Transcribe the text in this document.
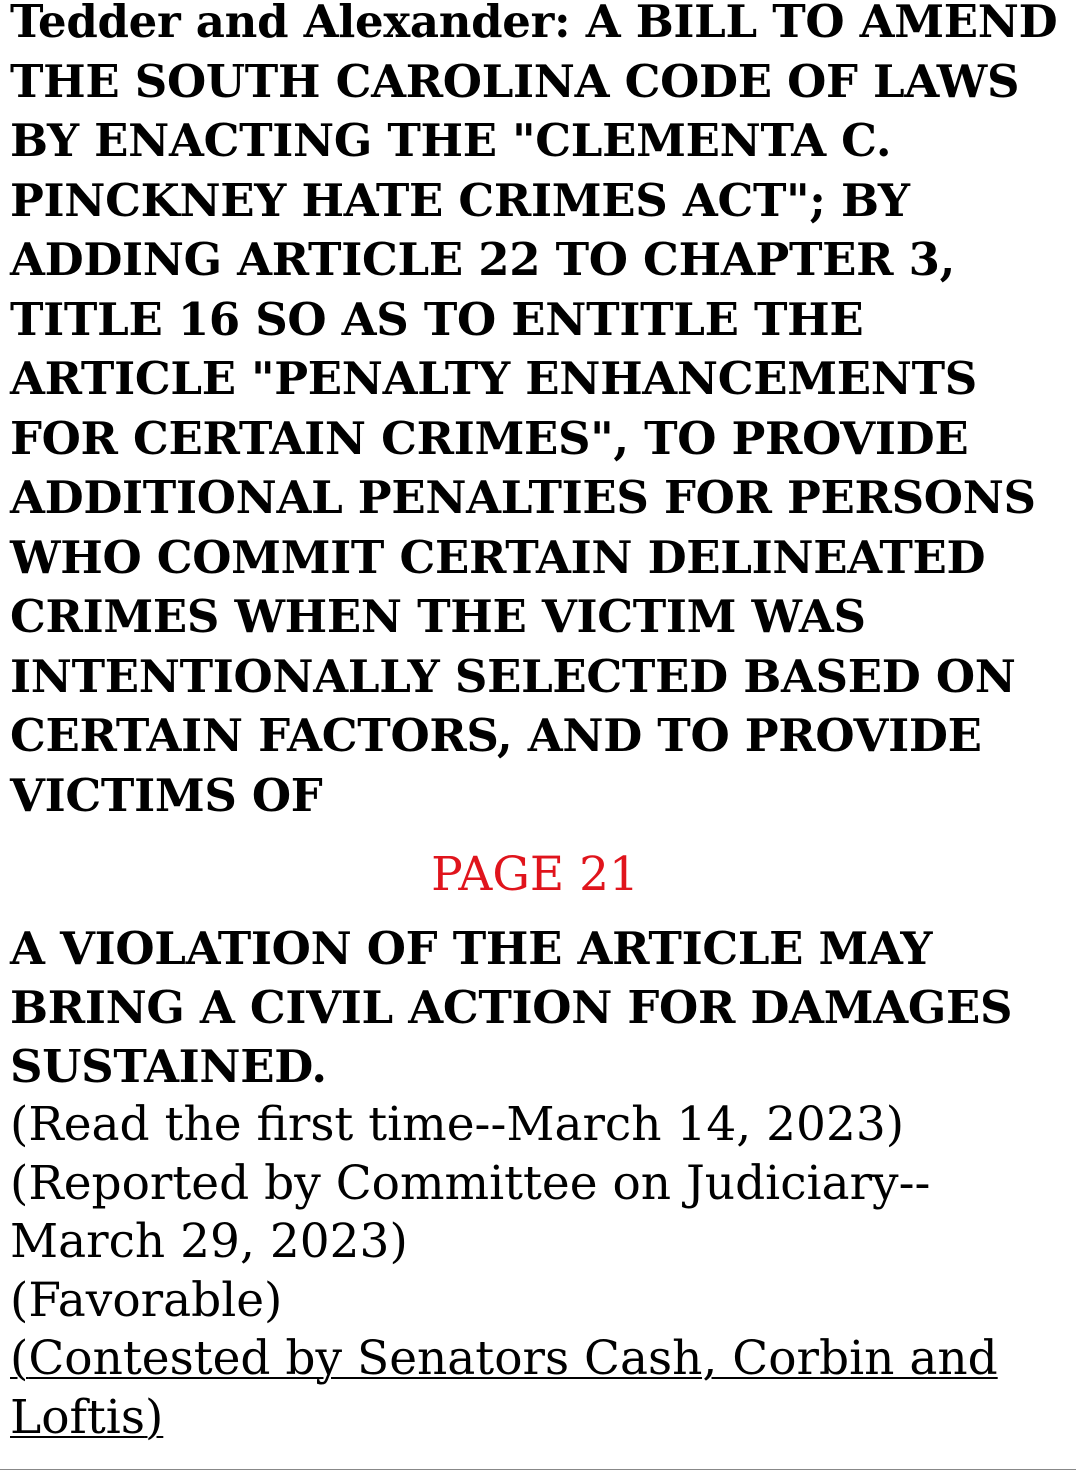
Tedder and Alexander: A BILL TO AMEND THE SOUTH CAROLINA CODE OF LAWS BY ENACTING THE "CLEMENTA C. PINCKNEY HATE CRIMES ACT"; BY ADDING ARTICLE 22 TO CHAPTER 3, TITLE 16 SO AS TO ENTITLE THE ARTICLE "PENALTY ENHANCEMENTS FOR CERTAIN CRIMES", TO PROVIDE ADDITIONAL PENALTIES FOR PERSONS WHO COMMIT CERTAIN DELINEATED CRIMES WHEN THE VICTIM WAS INTENTIONALLY SELECTED BASED ON CERTAIN FACTORS, AND TO PROVIDE VICTIMS OF

PAGE 21

A VIOLATION OF THE ARTICLE MAY BRING A CIVIL ACTION FOR DAMAGES SUSTAINED.

(Read the first time--March 14, 2023)
(Reported by Committee on Judiciary--March 29, 2023)
(Favorable)
(Contested by Senators Cash, Corbin and Loftis)
